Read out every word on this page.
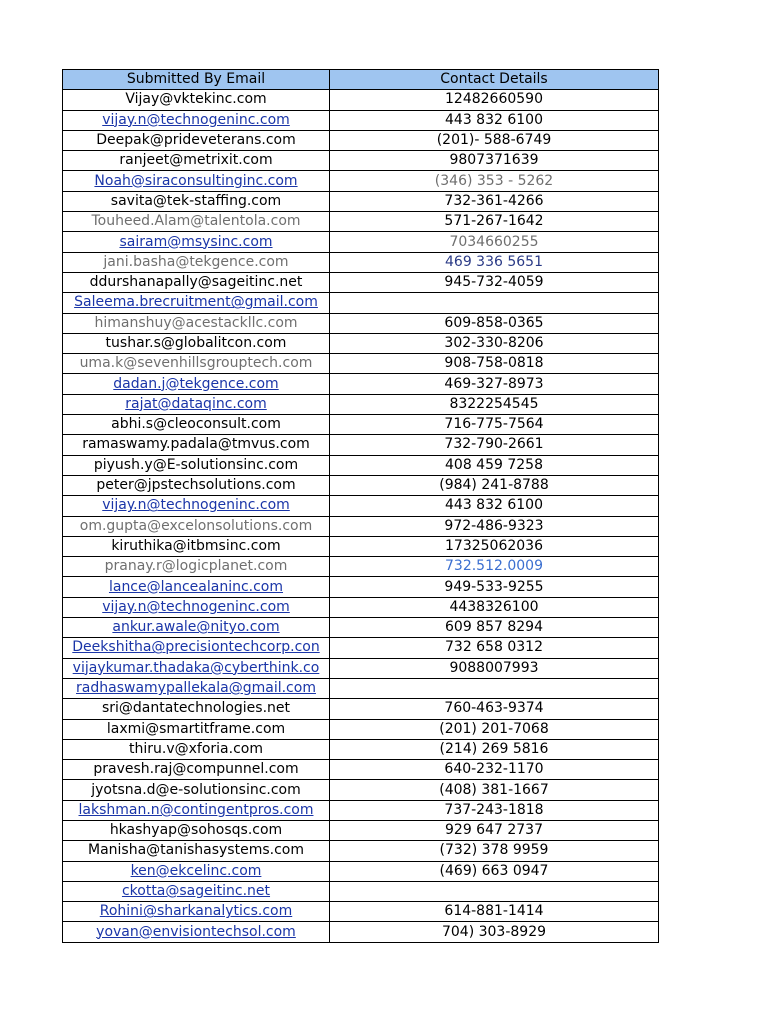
Submitted By Email	Contact Details
Vijay@vktekinc.com	12482660590
vijay.n@technogeninc.com	443 832 6100
Deepak@prideveterans.com	(201)- 588-6749
ranjeet@metrixit.com	9807371639
Noah@siraconsultinginc.com	(346) 353 - 5262
savita@tek-staffing.com	732-361-4266
Touheed.Alam@talentola.com	571-267-1642
sairam@msysinc.com	7034660255
jani.basha@tekgence.com	469 336 5651
ddurshanapally@sageitinc.net	945-732-4059
Saleema.brecruitment@gmail.com	
himanshuy@acestackllc.com	609-858-0365
tushar.s@globalitcon.com	302-330-8206
uma.k@sevenhillsgrouptech.com	908-758-0818
dadan.j@tekgence.com	469-327-8973
rajat@dataqinc.com	8322254545
abhi.s@cleoconsult.com	716-775-7564
ramaswamy.padala@tmvus.com	732-790-2661
piyush.y@E-solutionsinc.com	408 459 7258
peter@jpstechsolutions.com	(984) 241-8788
vijay.n@technogeninc.com	443 832 6100
om.gupta@excelonsolutions.com	972-486-9323
kiruthika@itbmsinc.com	17325062036
pranay.r@logicplanet.com	732.512.0009
lance@lancealaninc.com	949-533-9255
vijay.n@technogeninc.com	4438326100
ankur.awale@nityo.com	609 857 8294
Deekshitha@precisiontechcorp.con	732 658 0312
vijaykumar.thadaka@cyberthink.co	9088007993
radhaswamypallekala@gmail.com	
sri@dantatechnologies.net	760-463-9374
laxmi@smartitframe.com	(201) 201-7068
thiru.v@xforia.com	(214) 269 5816
pravesh.raj@compunnel.com	640-232-1170
jyotsna.d@e-solutionsinc.com	(408) 381-1667
lakshman.n@contingentpros.com	737-243-1818
hkashyap@sohosqs.com	929 647 2737
Manisha@tanishasystems.com	(732) 378 9959
ken@ekcelinc.com	(469) 663 0947
ckotta@sageitinc.net	
Rohini@sharkanalytics.com	614-881-1414
yovan@envisiontechsol.com	704) 303-8929
